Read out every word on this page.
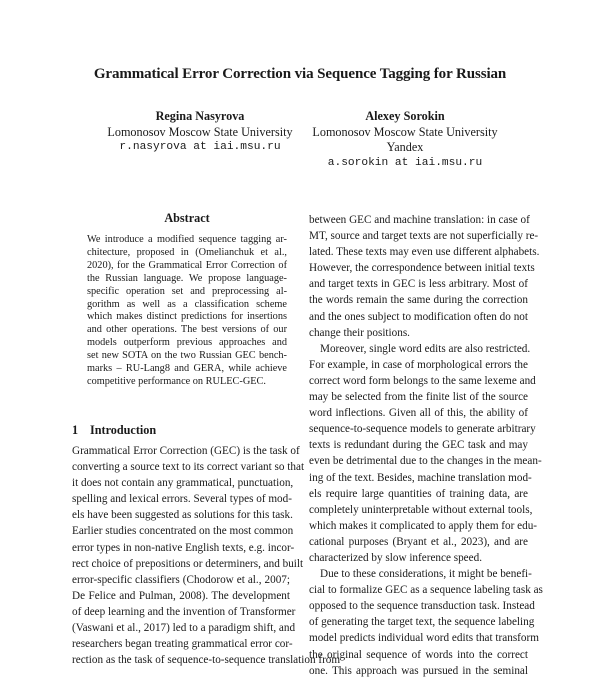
Grammatical Error Correction via Sequence Tagging for Russian
Regina Nasyrova
Lomonosov Moscow State University
r.nasyrova at iai.msu.ru
Alexey Sorokin
Lomonosov Moscow State University
Yandex
a.sorokin at iai.msu.ru
Abstract
We introduce a modified sequence tagging ar-
chitecture, proposed in (Omelianchuk et al.,
2020), for the Grammatical Error Correction of
the Russian language. We propose language-
specific operation set and preprocessing al-
gorithm as well as a classification scheme
which makes distinct predictions for insertions
and other operations. The best versions of our
models outperform previous approaches and
set new SOTA on the two Russian GEC bench-
marks – RU-Lang8 and GERA, while achieve
competitive performance on RULEC-GEC.
1 Introduction
Grammatical Error Correction (GEC) is the task of
converting a source text to its correct variant so that
it does not contain any grammatical, punctuation,
spelling and lexical errors. Several types of mod-
els have been suggested as solutions for this task.
Earlier studies concentrated on the most common
error types in non-native English texts, e.g. incor-
rect choice of prepositions or determiners, and built
error-specific classifiers (Chodorow et al., 2007;
De Felice and Pulman, 2008). The development
of deep learning and the invention of Transformer
(Vaswani et al., 2017) led to a paradigm shift, and
researchers began treating grammatical error cor-
rection as the task of sequence-to-sequence translation from
between GEC and machine translation: in case of
MT, source and target texts are not superficially re-
lated. These texts may even use different alphabets.
However, the correspondence between initial texts
and target texts in GEC is less arbitrary. Most of
the words remain the same during the correction
and the ones subject to modification often do not
change their positions.
Moreover, single word edits are also restricted.
For example, in case of morphological errors the
correct word form belongs to the same lexeme and
may be selected from the finite list of the source
word inflections. Given all of this, the ability of
sequence-to-sequence models to generate arbitrary
texts is redundant during the GEC task and may
even be detrimental due to the changes in the mean-
ing of the text. Besides, machine translation mod-
els require large quantities of training data, are
completely uninterpretable without external tools,
which makes it complicated to apply them for edu-
cational purposes (Bryant et al., 2023), and are
characterized by slow inference speed.
Due to these considerations, it might be benefi-
cial to formalize GEC as a sequence labeling task as
opposed to the sequence transduction task. Instead
of generating the target text, the sequence labeling
model predicts individual word edits that transform
the original sequence of words into the correct
one. This approach was pursued in the seminal
